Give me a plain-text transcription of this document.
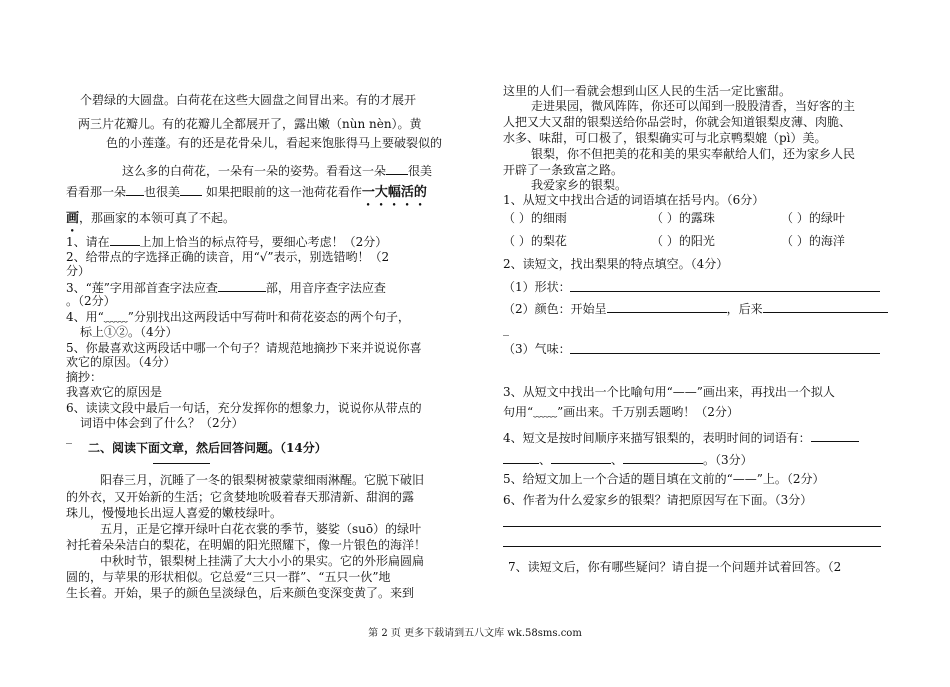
个碧绿的大圆盘。白荷花在这些大圆盘之间冒出来。有的才展开
两三片花瓣儿。有的花瓣儿全都展开了，露出嫩（nùn nèn）。黄
色的小莲蓬。有的还是花骨朵儿，看起来饱胀得马上要破裂似的
这么多的白荷花，一朵有一朵的姿势。看看这一朵 很美
看看那一朵 也很美 如果把眼前的这一池荷花看作一大幅活的
画，那画家的本领可真了不起。
1、请在	上加上恰当的标点符号，要细心考虑！（2分）
2、给带点的字选择正确的读音，用“√”表示，别选错哟！（2
分）
3、“莲”字用部首查字法应查	部，用音序查字法应查
。（2分）
4、用“﹏﹏”分别找出这两段话中写荷叶和荷花姿态的两个句子，
标上①②。（4分）
5、你最喜欢这两段话中哪一个句子？请规范地摘抄下来并说说你喜
欢它的原因。（4分）
摘抄：
我喜欢它的原因是
6、读读文段中最后一句话，充分发挥你的想象力，说说你从带点的
词语中体会到了什么？（2分）
_
二、阅读下面文章，然后回答问题。（14分）
阳春三月，沉睡了一冬的银梨树被蒙蒙细雨淋醒。它脱下破旧
的外衣，又开始新的生活；它贪婪地吮吸着春天那清新、甜润的露
珠儿，慢慢地长出逗人喜爱的嫩枝绿叶。
五月，正是它撑开绿叶白花衣裳的季节，婆娑（suō）的绿叶
衬托着朵朵洁白的梨花，在明媚的阳光照耀下，像一片银色的海洋！
中秋时节，银梨树上挂满了大大小小的果实。它的外形扁圆扁
圆的，与苹果的形状相似。它总爱“三只一群”、“五只一伙”地
生长着。开始，果子的颜色呈淡绿色，后来颜色变深变黄了。来到
这里的人们一看就会想到山区人民的生活一定比蜜甜。
走进果园，微风阵阵，你还可以闻到一股股清香，当好客的主
人把又大又甜的银梨送给你品尝时，你就会知道银梨皮薄、肉脆、
水多、味甜，可口极了，银梨确实可与北京鸭梨媲（pì）美。
银梨，你不但把美的花和美的果实奉献给人们，还为家乡人民
开辟了一条致富之路。
我爱家乡的银梨。
1、从短文中找出合适的词语填在括号内。（6分）
（ ）的细雨	（ ）的露珠	（ ）的绿叶
（ ）的梨花	（ ）的阳光	（ ）的海洋
2、读短文，找出梨果的特点填空。（4分）
（1）形状：
（2）颜色：开始呈	，后来
_
（3）气味：
3、从短文中找出一个比喻句用“——”画出来，再找出一个拟人
句用“﹏﹏”画出来。千万别丢题哟！（2分）
4、短文是按时间顺序来描写银梨的，表明时间的词语有：
、	、	。（3分）
5、给短文加上一个合适的题目填在文前的“——”上。（2分）
6、作者为什么爱家乡的银梨？请把原因写在下面。（3分）
7、读短文后，你有哪些疑问？请自提一个问题并试着回答。（2
第 2 页 更多下载请到五八文库 wk.58sms.com
